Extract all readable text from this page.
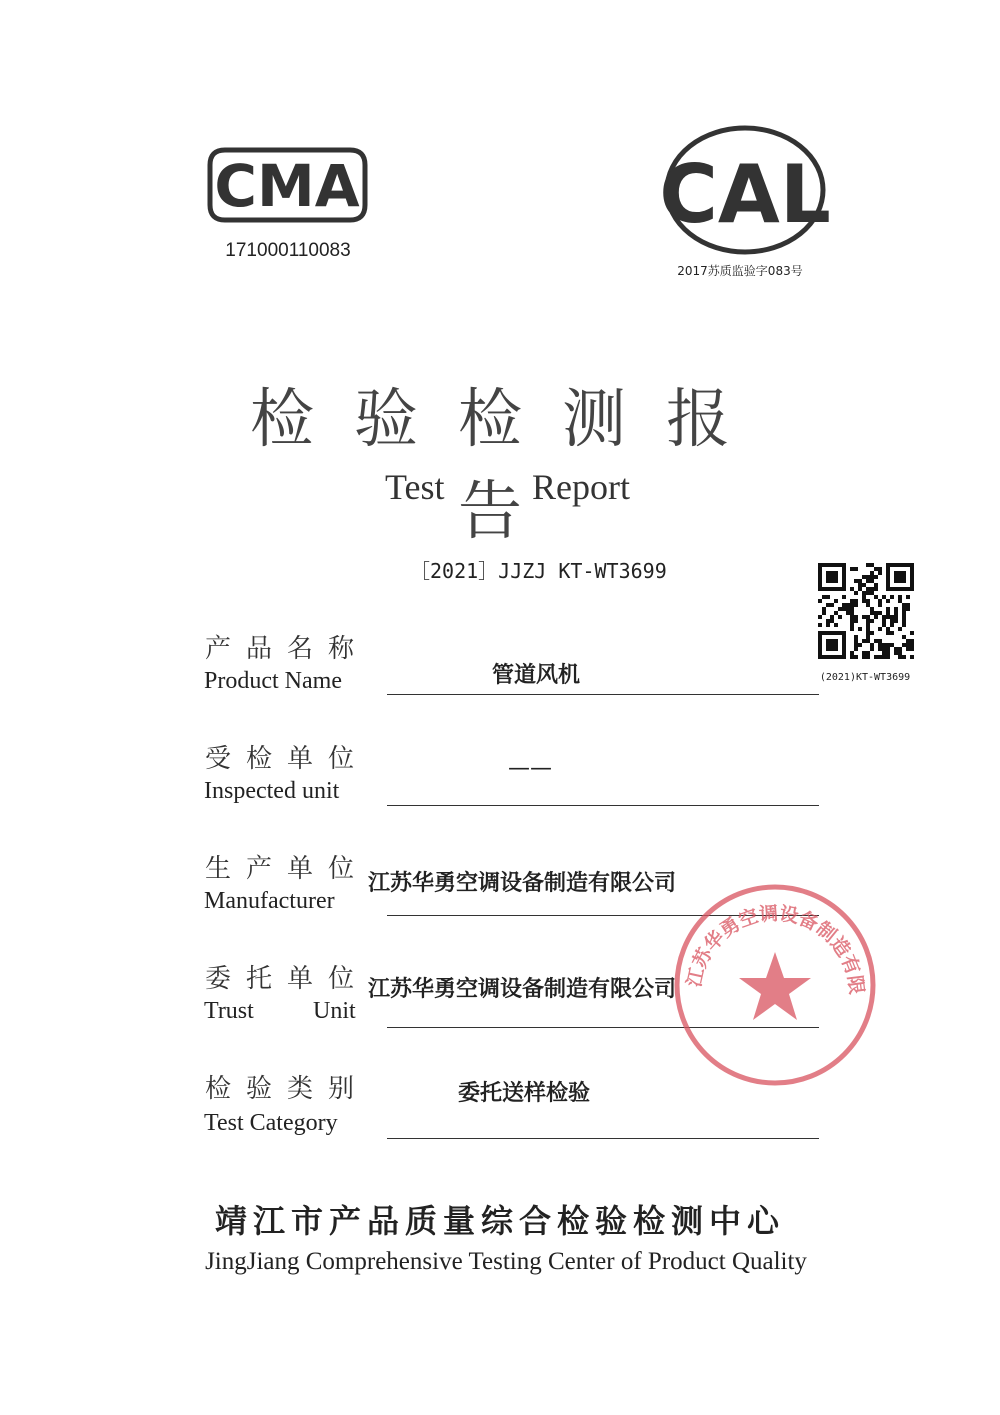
​
CMA
171000110083
CAL
2017苏质监验字083号
检验检测报告
Test Report
［2021］JJZJ KT-WT3699
(2021)KT-WT3699
产品名称
Product Name	管道风机
受检单位
Inspected unit
——
生产单位
Manufacturer
江苏华勇空调设备制造有限公司
委托单位
Trust Unit
江苏华勇空调设备制造有限公司
检验类别
Test Category
委托送样检验
江苏华勇空调设备制造有限
靖江市产品质量综合检验检测中心
JingJiang Comprehensive Testing Center of Product Quality
